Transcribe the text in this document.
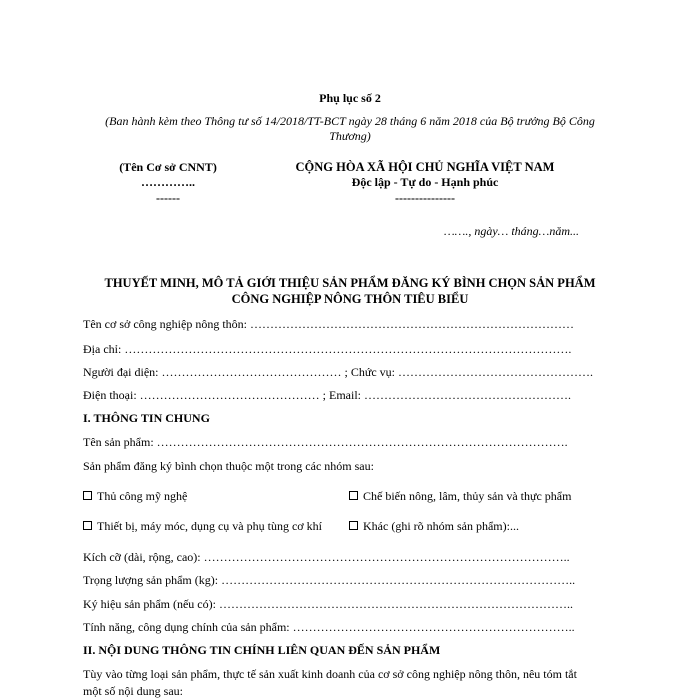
Phụ lục số 2
(Ban hành kèm theo Thông tư số 14/2018/TT-BCT ngày 28 tháng 6 năm 2018 của Bộ trưởng Bộ Công
Thương)
(Tên Cơ sở CNNT)
…………..
------
CỘNG HÒA XÃ HỘI CHỦ NGHĨA VIỆT NAM
Độc lập - Tự do - Hạnh phúc
---------------
……., ngày… tháng…năm...
THUYẾT MINH, MÔ TẢ GIỚI THIỆU SẢN PHẨM ĐĂNG KÝ BÌNH CHỌN SẢN PHẨM
CÔNG NGHIỆP NÔNG THÔN TIÊU BIỂU
Tên cơ sở công nghiệp nông thôn: ………………………………………………………………………
Địa chỉ: ………………………………………………………………………………………………….
Người đại diện: ……………………………………… ; Chức vụ: ………………………………………….
Điện thoại: ……………………………………… ; Email: …………………………………………….
I. THÔNG TIN CHUNG
Tên sản phẩm: ………………………………………………………………………………………….
Sản phẩm đăng ký bình chọn thuộc một trong các nhóm sau:
Thủ công mỹ nghệ	Chế biến nông, lâm, thủy sản và thực phẩm
Thiết bị, máy móc, dụng cụ và phụ tùng cơ khí	Khác (ghi rõ nhóm sản phẩm):...
Kích cỡ (dài, rộng, cao): ………………………………………………………………………………..
Trọng lượng sản phẩm (kg): ……………………………………………………………………………..
Ký hiệu sản phẩm (nếu có): ……………………………………………………………………………..
Tính năng, công dụng chính của sản phẩm: ……………………………………………………………..
II. NỘI DUNG THÔNG TIN CHÍNH LIÊN QUAN ĐẾN SẢN PHẨM
Tùy vào từng loại sản phẩm, thực tế sản xuất kinh doanh của cơ sở công nghiệp nông thôn, nêu tóm tắt
một số nội dung sau:
